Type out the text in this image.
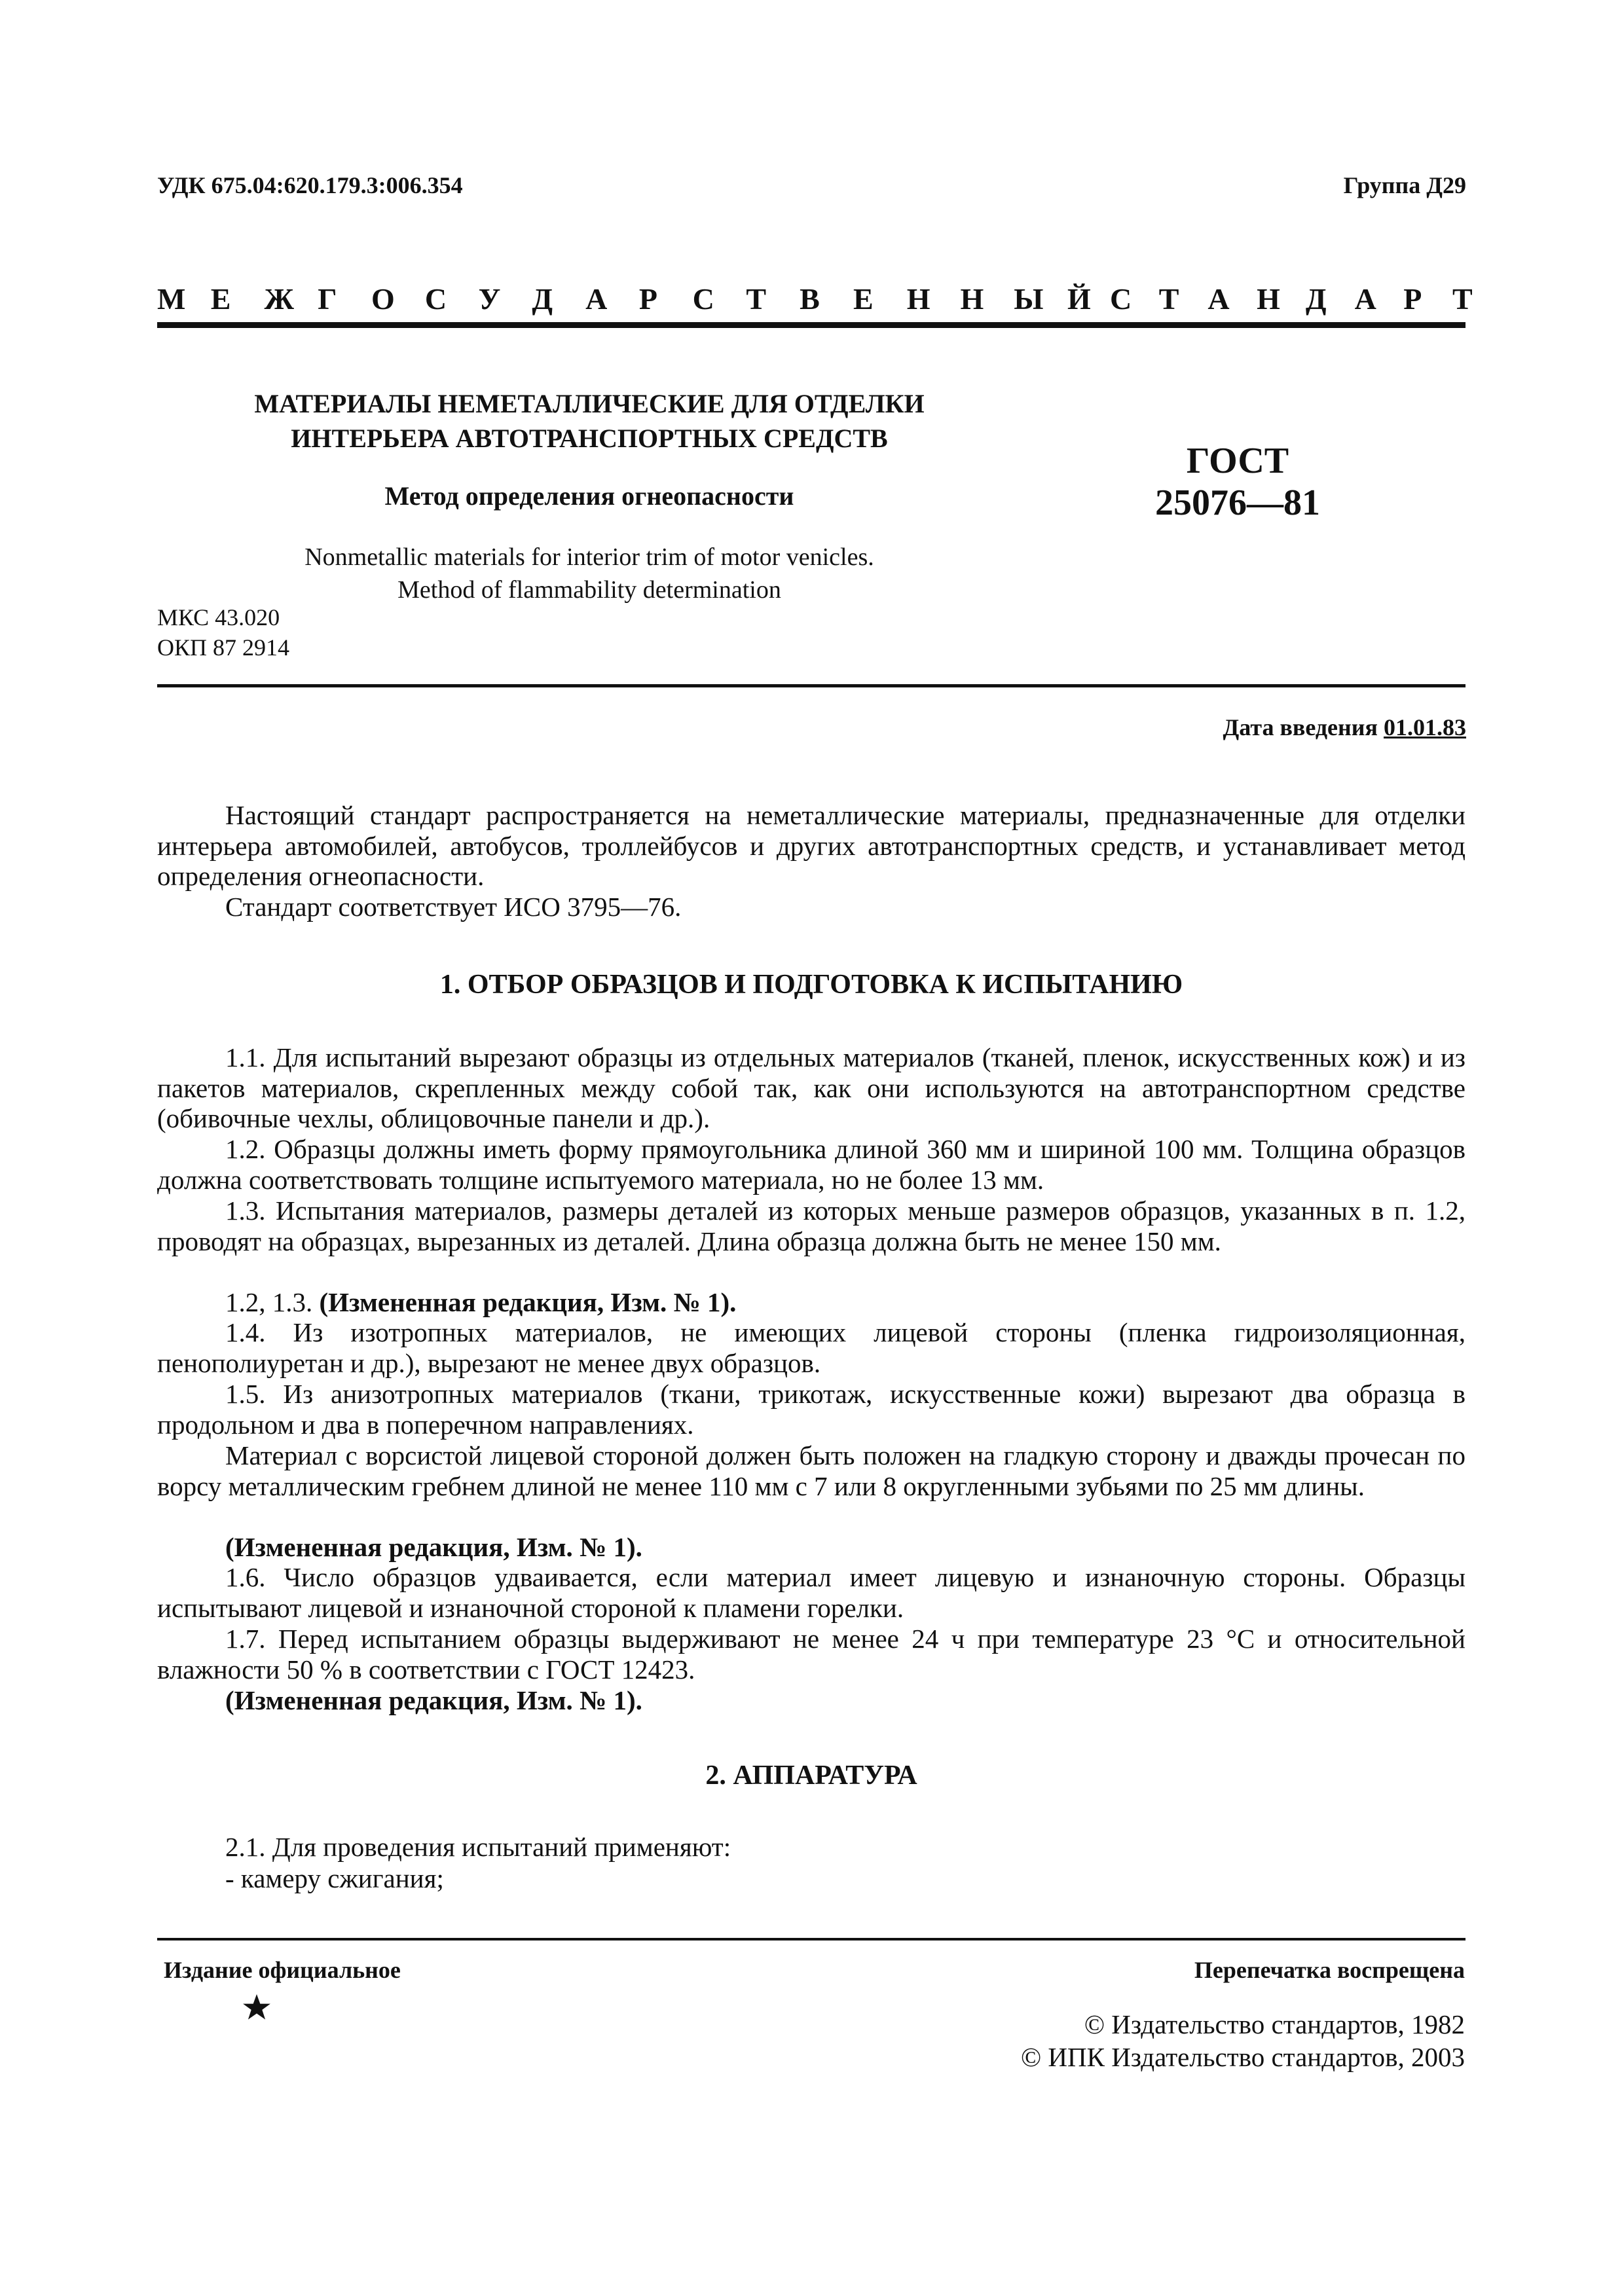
УДК 675.04:620.179.3:006.354	Группа Д29
М Е Ж Г О С У Д А Р С Т В Е Н Н Ы Й С Т А Н Д А Р Т
МАТЕРИАЛЫ НЕМЕТАЛЛИЧЕСКИЕ ДЛЯ ОТДЕЛКИ
ИНТЕРЬЕРА АВТОТРАНСПОРТНЫХ СРЕДСТВ
Метод определения огнеопасности
ГОСТ
25076—81
Nonmetallic materials for interior trim of motor venicles.
Method of flammability determination
МКС 43.020
ОКП 87 2914
Дата введения 01.01.83

Настоящий стандарт распространяется на неметаллические материалы, предназначенные для отделки интерьера автомобилей, автобусов, троллейбусов и других автотранспортных средств, и устанавливает метод определения огнеопасности.

Стандарт соответствует ИСО 3795—76.

1. ОТБОР ОБРАЗЦОВ И ПОДГОТОВКА К ИСПЫТАНИЮ

1.1. Для испытаний вырезают образцы из отдельных материалов (тканей, пленок, искусственных кож) и из пакетов материалов, скрепленных между собой так, как они используются на автотранспортном средстве (обивочные чехлы, облицовочные панели и др.).

1.2. Образцы должны иметь форму прямоугольника длиной 360 мм и шириной 100 мм. Толщина образцов должна соответствовать толщине испытуемого материала, но не более 13 мм.

1.3. Испытания материалов, размеры деталей из которых меньше размеров образцов, указанных в п. 1.2, проводят на образцах, вырезанных из деталей. Длина образца должна быть не менее 150 мм.

1.2, 1.3. (Измененная редакция, Изм. № 1).

1.4. Из изотропных материалов, не имеющих лицевой стороны (пленка гидроизоляционная, пенополиуретан и др.), вырезают не менее двух образцов.

1.5. Из анизотропных материалов (ткани, трикотаж, искусственные кожи) вырезают два образца в продольном и два в поперечном направлениях.

Материал с ворсистой лицевой стороной должен быть положен на гладкую сторону и дважды прочесан по ворсу металлическим гребнем длиной не менее 110 мм с 7 или 8 округленными зубьями по 25 мм длины.

(Измененная редакция, Изм. № 1).

1.6. Число образцов удваивается, если материал имеет лицевую и изнаночную стороны. Образцы испытывают лицевой и изнаночной стороной к пламени горелки.

1.7. Перед испытанием образцы выдерживают не менее 24 ч при температуре 23 °С и относительной влажности 50 % в соответствии с ГОСТ 12423.

(Измененная редакция, Изм. № 1).

2. АППАРАТУРА

2.1. Для проведения испытаний применяют:

- камеру сжигания;

Издание официальное	Перепечатка воспрещена
© Издательство стандартов, 1982
© ИПК Издательство стандартов, 2003
